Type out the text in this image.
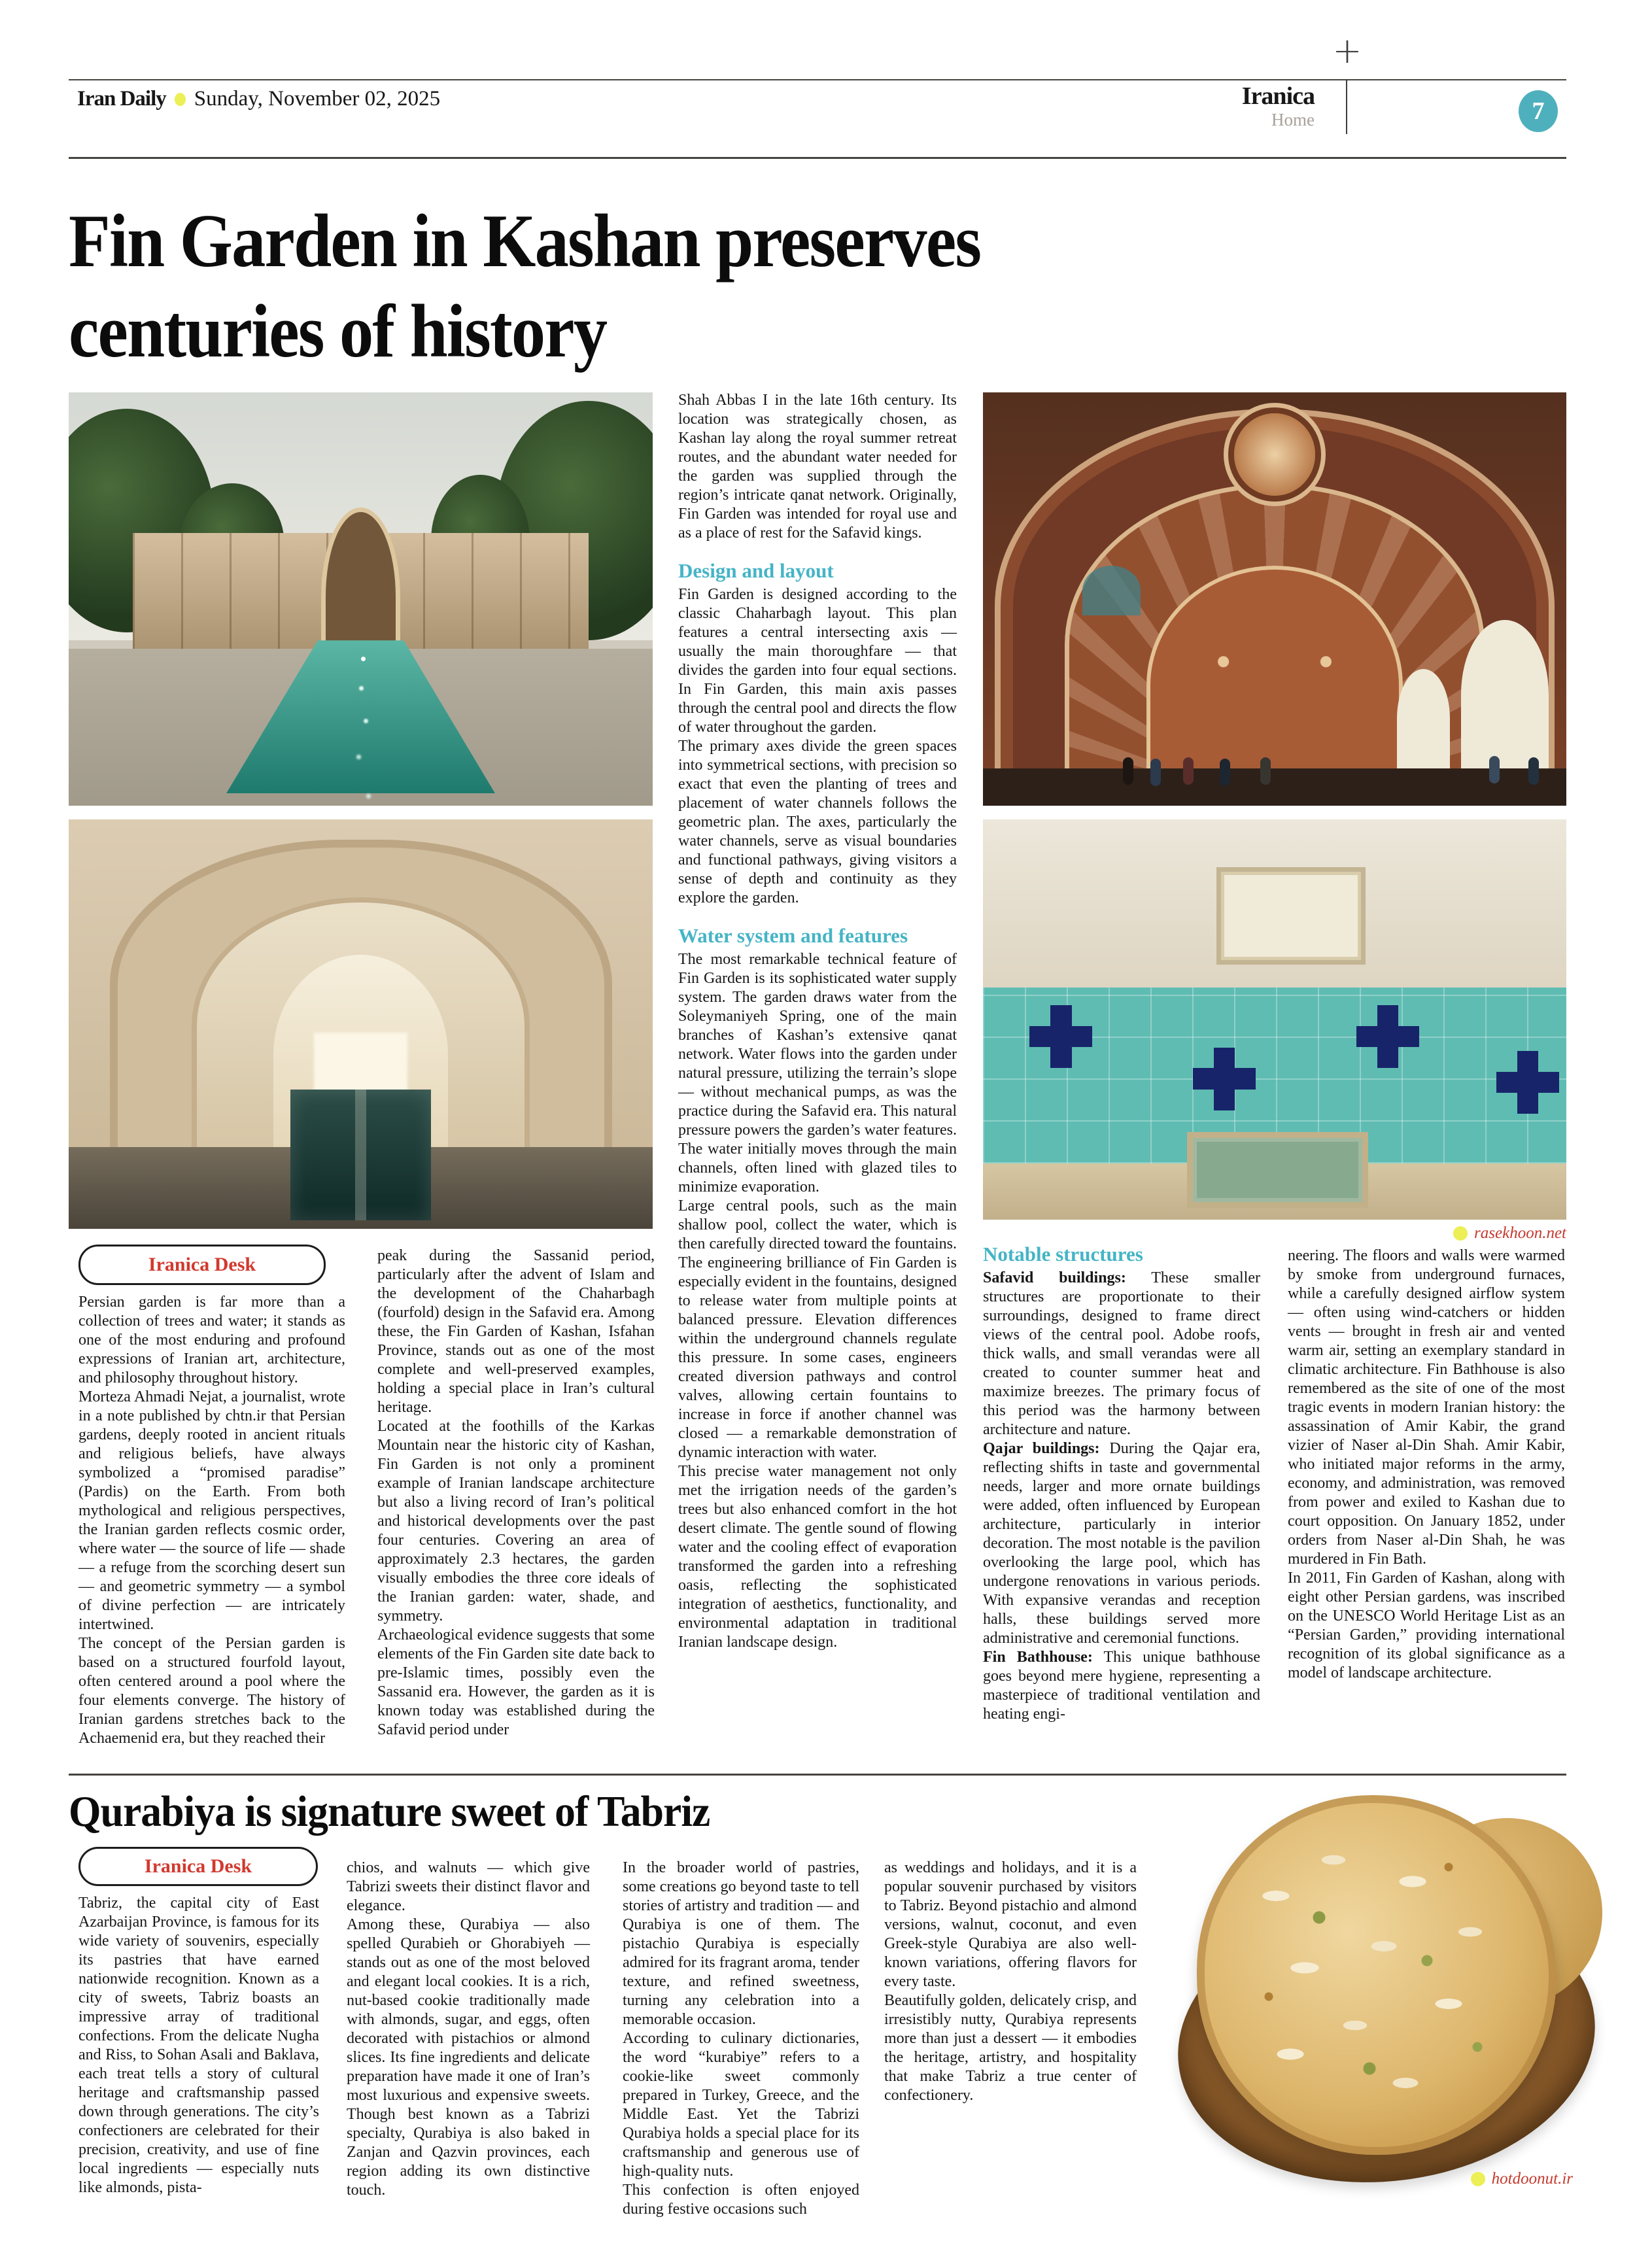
Iran Daily Sunday, November 02, 2025
+
Iranica
Home	7
Fin Garden in Kashan preserves
centuries of history
rasekhoon.net

Shah Abbas I in the late 16th century. Its location was strategically chosen, as Kashan lay along the royal summer retreat routes, and the abundant water needed for the garden was supplied through the region’s intricate qanat network. Originally, Fin Garden was intended for royal use and as a place of rest for the Safavid kings.

Design and layout

Fin Garden is designed according to the classic Chaharbagh layout. This plan features a central intersecting axis — usually the main thoroughfare — that divides the garden into four equal sections. In Fin Garden, this main axis passes through the central pool and directs the flow of water throughout the garden.

The primary axes divide the green spaces into symmetrical sections, with precision so exact that even the planting of trees and placement of water channels follows the geometric plan. The axes, particularly the water channels, serve as visual boundaries and functional pathways, giving visitors a sense of depth and continuity as they explore the garden.

Water system and features

The most remarkable technical feature of Fin Garden is its sophisticated water supply system. The garden draws water from the Soleymaniyeh Spring, one of the main branches of Kashan’s extensive qanat network. Water flows into the garden under natural pressure, utilizing the terrain’s slope — without mechanical pumps, as was the practice during the Safavid era. This natural pressure powers the garden’s water features. The water initially moves through the main channels, often lined with glazed tiles to minimize evaporation.

Large central pools, such as the main shallow pool, collect the water, which is then carefully directed toward the fountains. The engineering brilliance of Fin Garden is especially evident in the fountains, designed to release water from multiple points at balanced pressure. Elevation differences within the underground channels regulate this pressure. In some cases, engineers created diversion pathways and control valves, allowing certain fountains to increase in force if another channel was closed — a remarkable demonstration of dynamic interaction with water.

This precise water management not only met the irrigation needs of the garden’s trees but also enhanced comfort in the hot desert climate. The gentle sound of flowing water and the cooling effect of evaporation transformed the garden into a refreshing oasis, reflecting the sophisticated integration of aesthetics, functionality, and environmental adaptation in traditional Iranian landscape design.

Iranica Desk

Persian garden is far more than a collection of trees and water; it stands as one of the most enduring and profound expressions of Iranian art, architecture, and philosophy throughout history.

Morteza Ahmadi Nejat, a journalist, wrote in a note published by chtn.ir that Persian gardens, deeply rooted in ancient rituals and religious beliefs, have always symbolized a “promised paradise” (Pardis) on the Earth. From both mythological and religious perspectives, the Iranian garden reflects cosmic order, where water — the source of life — shade — a refuge from the scorching desert sun — and geometric symmetry — a symbol of divine perfection — are intricately intertwined.

The concept of the Persian garden is based on a structured fourfold layout, often centered around a pool where the four elements converge. The history of Iranian gardens stretches back to the Achaemenid era, but they reached their

peak during the Sassanid period, particularly after the advent of Islam and the development of the Chaharbagh (fourfold) design in the Safavid era. Among these, the Fin Garden of Kashan, Isfahan Province, stands out as one of the most complete and well-preserved examples, holding a special place in Iran’s cultural heritage.

Located at the foothills of the Karkas Mountain near the historic city of Kashan, Fin Garden is not only a prominent example of Iranian landscape architecture but also a living record of Iran’s political and historical developments over the past four centuries. Covering an area of approximately 2.3 hectares, the garden visually embodies the three core ideals of the Iranian garden: water, shade, and symmetry.

Archaeological evidence suggests that some elements of the Fin Garden site date back to pre-Islamic times, possibly even the Sassanid era. However, the garden as it is known today was established during the Safavid period under

Notable structures

Safavid buildings: These smaller structures are proportionate to their surroundings, designed to frame direct views of the central pool. Adobe roofs, thick walls, and small verandas were all created to counter summer heat and maximize breezes. The primary focus of this period was the harmony between architecture and nature.

Qajar buildings: During the Qajar era, reflecting shifts in taste and governmental needs, larger and more ornate buildings were added, often influenced by European architecture, particularly in interior decoration. The most notable is the pavilion overlooking the large pool, which has undergone renovations in various periods. With expansive verandas and reception halls, these buildings served more administrative and ceremonial functions.

Fin Bathhouse: This unique bathhouse goes beyond mere hygiene, representing a masterpiece of traditional ventilation and heating engi-

neering. The floors and walls were warmed by smoke from underground furnaces, while a carefully designed airflow system — often using wind-catchers or hidden vents — brought in fresh air and vented warm air, setting an exemplary standard in climatic architecture. Fin Bathhouse is also remembered as the site of one of the most tragic events in modern Iranian history: the assassination of Amir Kabir, the grand vizier of Naser al-Din Shah. Amir Kabir, who initiated major reforms in the army, economy, and administration, was removed from power and exiled to Kashan due to court opposition. On January 1852, under orders from Naser al-Din Shah, he was murdered in Fin Bath.

In 2011, Fin Garden of Kashan, along with eight other Persian gardens, was inscribed on the UNESCO World Heritage List as an “Persian Garden,” providing international recognition of its global significance as a model of landscape architecture.

Qurabiya is signature sweet of Tabriz
Iranica Desk

Tabriz, the capital city of East Azarbaijan Province, is famous for its wide variety of souvenirs, especially its pastries that have earned nationwide recognition. Known as a city of sweets, Tabriz boasts an impressive array of traditional confections. From the delicate Nugha and Riss, to Sohan Asali and Baklava, each treat tells a story of cultural heritage and craftsmanship passed down through generations. The city’s confectioners are celebrated for their precision, creativity, and use of fine local ingredients — especially nuts like almonds, pista-

chios, and walnuts — which give Tabrizi sweets their distinct flavor and elegance.

Among these, Qurabiya — also spelled Qurabieh or Ghorabiyeh — stands out as one of the most beloved and elegant local cookies. It is a rich, nut-based cookie traditionally made with almonds, sugar, and eggs, often decorated with pistachios or almond slices. Its fine ingredients and delicate preparation have made it one of Iran’s most luxurious and expensive sweets. Though best known as a Tabrizi specialty, Qurabiya is also baked in Zanjan and Qazvin provinces, each region adding its own distinctive touch.

In the broader world of pastries, some creations go beyond taste to tell stories of artistry and tradition — and Qurabiya is one of them. The pistachio Qurabiya is especially admired for its fragrant aroma, tender texture, and refined sweetness, turning any celebration into a memorable occasion.

According to culinary dictionaries, the word “kurabiye” refers to a cookie-like sweet commonly prepared in Turkey, Greece, and the Middle East. Yet the Tabrizi Qurabiya holds a special place for its craftsmanship and generous use of high-quality nuts.

This confection is often enjoyed during festive occasions such

as weddings and holidays, and it is a popular souvenir purchased by visitors to Tabriz. Beyond pistachio and almond versions, walnut, coconut, and even Greek-style Qurabiya are also well-known variations, offering flavors for every taste.

Beautifully golden, delicately crisp, and irresistibly nutty, Qurabiya represents more than just a dessert — it embodies the heritage, artistry, and hospitality that make Tabriz a true center of confectionery.

hotdoonut.ir
